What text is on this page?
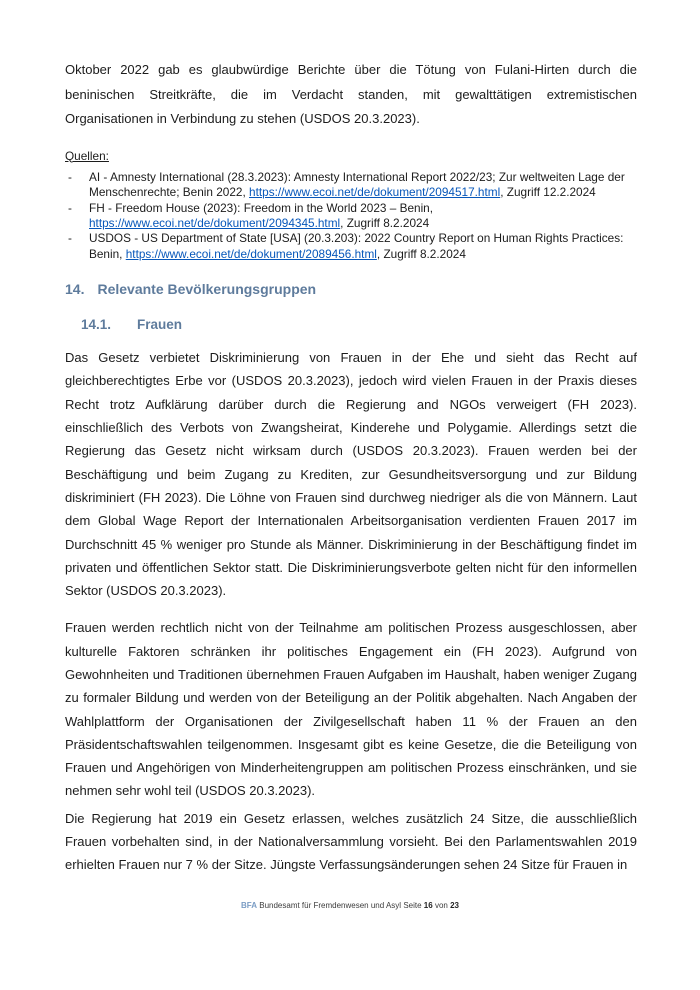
Oktober 2022 gab es glaubwürdige Berichte über die Tötung von Fulani-Hirten durch die beninischen Streitkräfte, die im Verdacht standen, mit gewalttätigen extremistischen Organisationen in Verbindung zu stehen (USDOS 20.3.2023).

Quellen:
- AI - Amnesty International (28.3.2023): Amnesty International Report 2022/23; Zur weltweiten Lage der Menschenrechte; Benin 2022, https://www.ecoi.net/de/dokument/2094517.html, Zugriff 12.2.2024
- FH - Freedom House (2023): Freedom in the World 2023 – Benin, https://www.ecoi.net/de/dokument/2094345.html, Zugriff 8.2.2024
- USDOS - US Department of State [USA] (20.3.203): 2022 Country Report on Human Rights Practices: Benin, https://www.ecoi.net/de/dokument/2089456.html, Zugriff 8.2.2024
14. Relevante Bevölkerungsgruppen
14.1. Frauen

Das Gesetz verbietet Diskriminierung von Frauen in der Ehe und sieht das Recht auf gleichberechtigtes Erbe vor (USDOS 20.3.2023), jedoch wird vielen Frauen in der Praxis dieses Recht trotz Aufklärung darüber durch die Regierung and NGOs verweigert (FH 2023). einschließlich des Verbots von Zwangsheirat, Kinderehe und Polygamie. Allerdings setzt die Regierung das Gesetz nicht wirksam durch (USDOS 20.3.2023). Frauen werden bei der Beschäftigung und beim Zugang zu Krediten, zur Gesundheitsversorgung und zur Bildung diskriminiert (FH 2023). Die Löhne von Frauen sind durchweg niedriger als die von Männern. Laut dem Global Wage Report der Internationalen Arbeitsorganisation verdienten Frauen 2017 im Durchschnitt 45 % weniger pro Stunde als Männer. Diskriminierung in der Beschäftigung findet im privaten und öffentlichen Sektor statt. Die Diskriminierungsverbote gelten nicht für den informellen Sektor (USDOS 20.3.2023).

Frauen werden rechtlich nicht von der Teilnahme am politischen Prozess ausgeschlossen, aber kulturelle Faktoren schränken ihr politisches Engagement ein (FH 2023). Aufgrund von Gewohnheiten und Traditionen übernehmen Frauen Aufgaben im Haushalt, haben weniger Zugang zu formaler Bildung und werden von der Beteiligung an der Politik abgehalten. Nach Angaben der Wahlplattform der Organisationen der Zivilgesellschaft haben 11 % der Frauen an den Präsidentschaftswahlen teilgenommen. Insgesamt gibt es keine Gesetze, die die Beteiligung von Frauen und Angehörigen von Minderheitengruppen am politischen Prozess einschränken, und sie nehmen sehr wohl teil (USDOS 20.3.2023).

Die Regierung hat 2019 ein Gesetz erlassen, welches zusätzlich 24 Sitze, die ausschließlich Frauen vorbehalten sind, in der Nationalversammlung vorsieht. Bei den Parlamentswahlen 2019 erhielten Frauen nur 7 % der Sitze. Jüngste Verfassungsänderungen sehen 24 Sitze für Frauen in

BFA Bundesamt für Fremdenwesen und Asyl Seite 16 von 23
